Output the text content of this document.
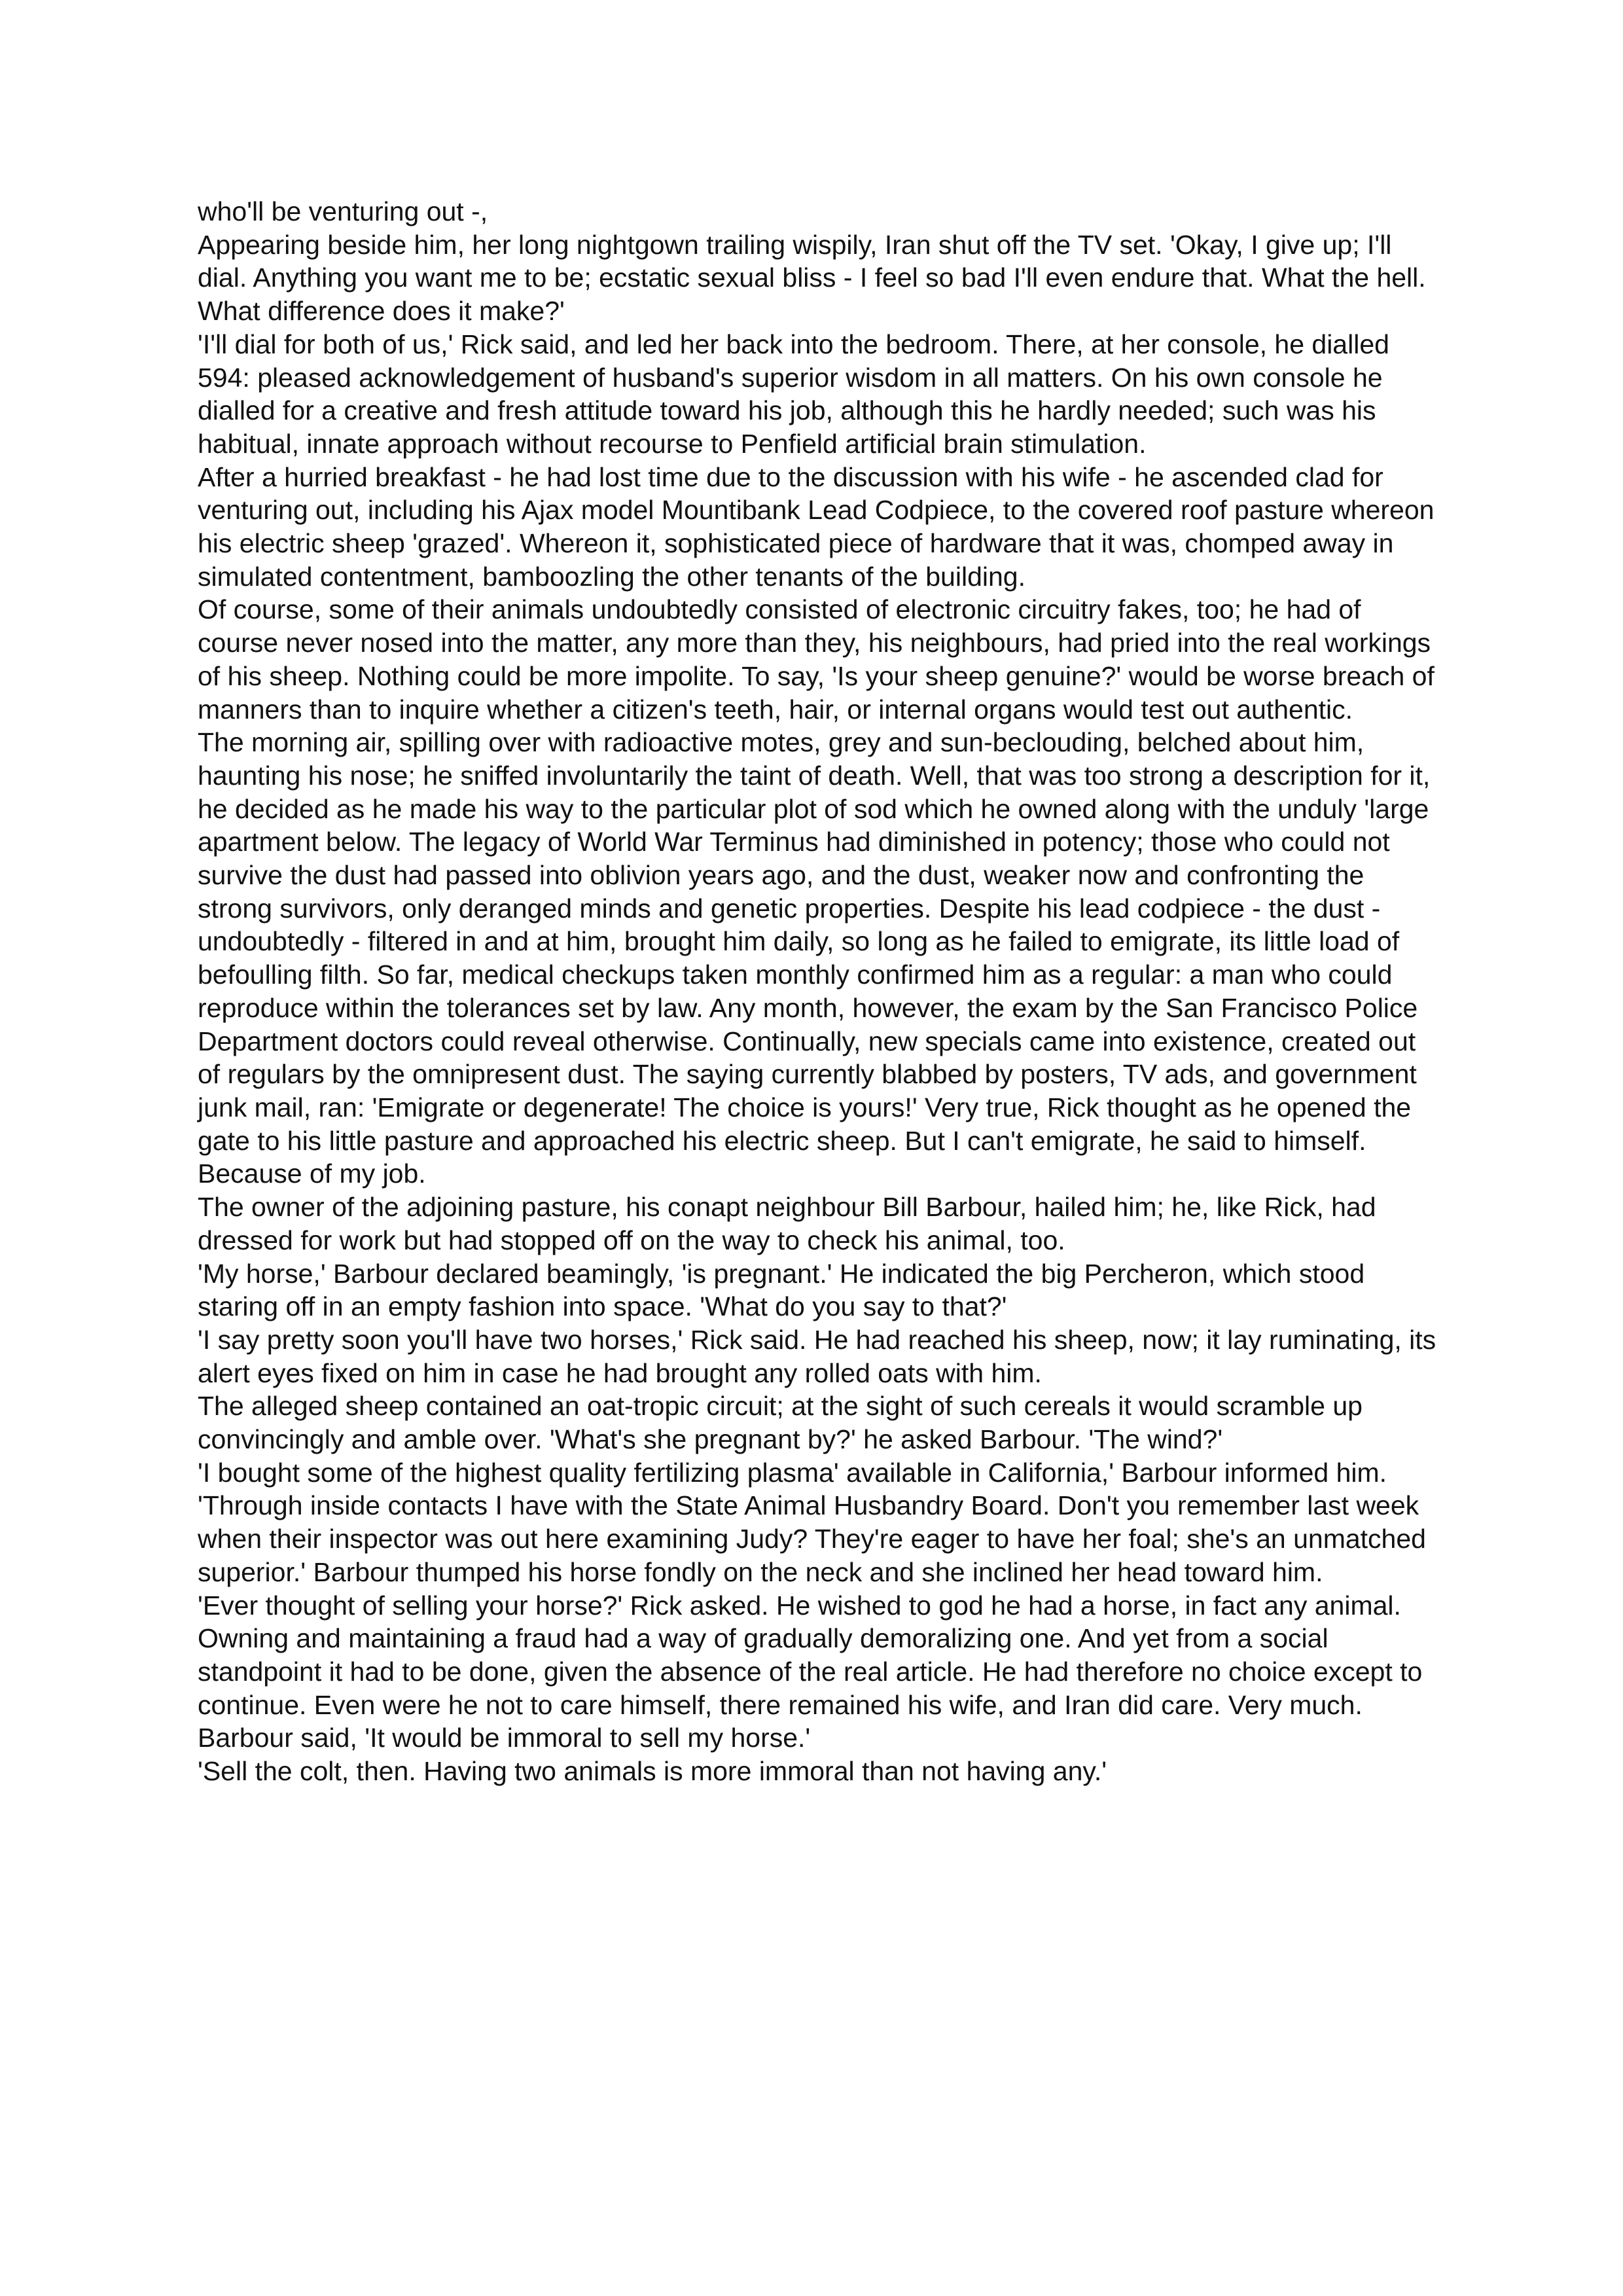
who'll be venturing out -,

Appearing beside him, her long nightgown trailing wispily, Iran shut off the TV set. 'Okay, I give up; I'll dial. Anything you want me to be; ecstatic sexual bliss - I feel so bad I'll even endure that. What the hell. What difference does it make?'

'I'll dial for both of us,' Rick said, and led her back into the bedroom. There, at her console, he dialled 594: pleased acknowledgement of husband's superior wisdom in all matters. On his own console he dialled for a creative and fresh attitude toward his job, although this he hardly needed; such was his habitual, innate approach without recourse to Penfield artificial brain stimulation.

After a hurried breakfast - he had lost time due to the discussion with his wife - he ascended clad for venturing out, including his Ajax model Mountibank Lead Codpiece, to the covered roof pasture whereon his electric sheep 'grazed'. Whereon it, sophisticated piece of hardware that it was, chomped away in simulated contentment, bamboozling the other tenants of the building.

Of course, some of their animals undoubtedly consisted of electronic circuitry fakes, too; he had of course never nosed into the matter, any more than they, his neighbours, had pried into the real workings of his sheep. Nothing could be more impolite. To say, 'Is your sheep genuine?' would be worse breach of manners than to inquire whether a citizen's teeth, hair, or internal organs would test out authentic.

The morning air, spilling over with radioactive motes, grey and sun-beclouding, belched about him, haunting his nose; he sniffed involuntarily the taint of death. Well, that was too strong a description for it, he decided as he made his way to the particular plot of sod which he owned along with the unduly 'large apartment below. The legacy of World War Terminus had diminished in potency; those who could not survive the dust had passed into oblivion years ago, and the dust, weaker now and confronting the strong survivors, only deranged minds and genetic properties. Despite his lead codpiece - the dust - undoubtedly - filtered in and at him, brought him daily, so long as he failed to emigrate, its little load of befoulling filth. So far, medical checkups taken monthly confirmed him as a regular: a man who could reproduce within the tolerances set by law. Any month, however, the exam by the San Francisco Police Department doctors could reveal otherwise. Continually, new specials came into existence, created out of regulars by the omnipresent dust. The saying currently blabbed by posters, TV ads, and government junk mail, ran: 'Emigrate or degenerate! The choice is yours!' Very true, Rick thought as he opened the gate to his little pasture and approached his electric sheep. But I can't emigrate, he said to himself. Because of my job.

The owner of the adjoining pasture, his conapt neighbour Bill Barbour, hailed him; he, like Rick, had dressed for work but had stopped off on the way to check his animal, too.

'My horse,' Barbour declared beamingly, 'is pregnant.' He indicated the big Percheron, which stood staring off in an empty fashion into space. 'What do you say to that?'

'I say pretty soon you'll have two horses,' Rick said. He had reached his sheep, now; it lay ruminating, its alert eyes fixed on him in case he had brought any rolled oats with him.

The alleged sheep contained an oat-tropic circuit; at the sight of such cereals it would scramble up convincingly and amble over. 'What's she pregnant by?' he asked Barbour. 'The wind?'

'I bought some of the highest quality fertilizing plasma' available in California,' Barbour informed him. 'Through inside contacts I have with the State Animal Husbandry Board. Don't you remember last week when their inspector was out here examining Judy? They're eager to have her foal; she's an unmatched superior.' Barbour thumped his horse fondly on the neck and she inclined her head toward him.

'Ever thought of selling your horse?' Rick asked. He wished to god he had a horse, in fact any animal. Owning and maintaining a fraud had a way of gradually demoralizing one. And yet from a social standpoint it had to be done, given the absence of the real article. He had therefore no choice except to continue. Even were he not to care himself, there remained his wife, and Iran did care. Very much.

Barbour said, 'It would be immoral to sell my horse.'

'Sell the colt, then. Having two animals is more immoral than not having any.'
